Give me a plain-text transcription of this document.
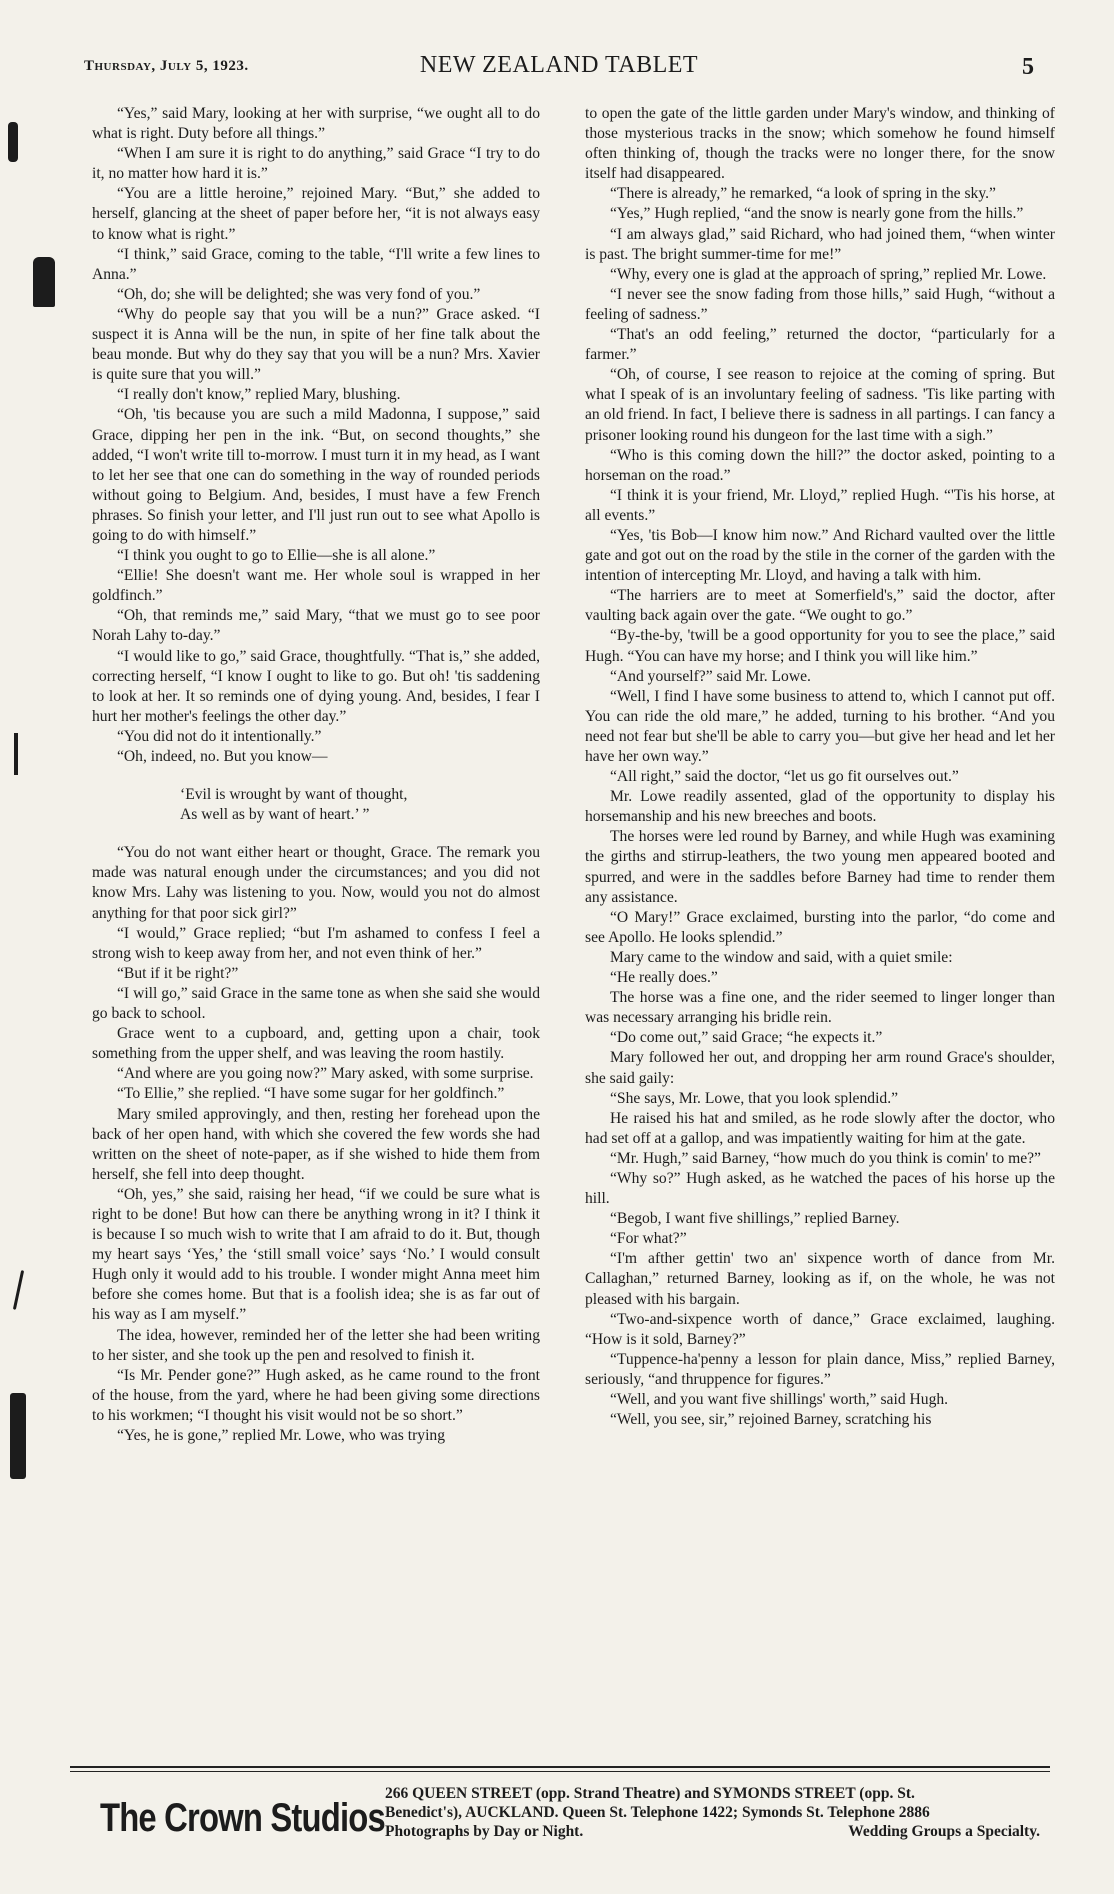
Thursday, July 5, 1923.	NEW ZEALAND TABLET	5

“Yes,” said Mary, looking at her with surprise, “we ought all to do what is right. Duty before all things.”

“When I am sure it is right to do anything,” said Grace “I try to do it, no matter how hard it is.”

“You are a little heroine,” rejoined Mary. “But,” she added to herself, glancing at the sheet of paper before her, “it is not always easy to know what is right.”

“I think,” said Grace, coming to the table, “I'll write a few lines to Anna.”

“Oh, do; she will be delighted; she was very fond of you.”

“Why do people say that you will be a nun?” Grace asked. “I suspect it is Anna will be the nun, in spite of her fine talk about the beau monde. But why do they say that you will be a nun? Mrs. Xavier is quite sure that you will.”

“I really don't know,” replied Mary, blushing.

“Oh, 'tis because you are such a mild Madonna, I suppose,” said Grace, dipping her pen in the ink. “But, on second thoughts,” she added, “I won't write till to-morrow. I must turn it in my head, as I want to let her see that one can do something in the way of rounded periods without going to Belgium. And, besides, I must have a few French phrases. So finish your letter, and I'll just run out to see what Apollo is going to do with himself.”

“I think you ought to go to Ellie—she is all alone.”

“Ellie! She doesn't want me. Her whole soul is wrapped in her goldfinch.”

“Oh, that reminds me,” said Mary, “that we must go to see poor Norah Lahy to-day.”

“I would like to go,” said Grace, thoughtfully. “That is,” she added, correcting herself, “I know I ought to like to go. But oh! 'tis saddening to look at her. It so reminds one of dying young. And, besides, I fear I hurt her mother's feelings the other day.”

“You did not do it intentionally.”

“Oh, indeed, no. But you know—

‘Evil is wrought by want of thought,
As well as by want of heart.’ ”

“You do not want either heart or thought, Grace. The remark you made was natural enough under the circumstances; and you did not know Mrs. Lahy was listening to you. Now, would you not do almost anything for that poor sick girl?”

“I would,” Grace replied; “but I'm ashamed to confess I feel a strong wish to keep away from her, and not even think of her.”

“But if it be right?”

“I will go,” said Grace in the same tone as when she said she would go back to school.

Grace went to a cupboard, and, getting upon a chair, took something from the upper shelf, and was leaving the room hastily.

“And where are you going now?” Mary asked, with some surprise.

“To Ellie,” she replied. “I have some sugar for her goldfinch.”

Mary smiled approvingly, and then, resting her forehead upon the back of her open hand, with which she covered the few words she had written on the sheet of note-paper, as if she wished to hide them from herself, she fell into deep thought.

“Oh, yes,” she said, raising her head, “if we could be sure what is right to be done! But how can there be anything wrong in it? I think it is because I so much wish to write that I am afraid to do it. But, though my heart says ‘Yes,’ the ‘still small voice’ says ‘No.’ I would consult Hugh only it would add to his trouble. I wonder might Anna meet him before she comes home. But that is a foolish idea; she is as far out of his way as I am myself.”

The idea, however, reminded her of the letter she had been writing to her sister, and she took up the pen and resolved to finish it.

“Is Mr. Pender gone?” Hugh asked, as he came round to the front of the house, from the yard, where he had been giving some directions to his workmen; “I thought his visit would not be so short.”

“Yes, he is gone,” replied Mr. Lowe, who was trying

to open the gate of the little garden under Mary's window, and thinking of those mysterious tracks in the snow; which somehow he found himself often thinking of, though the tracks were no longer there, for the snow itself had disappeared.

“There is already,” he remarked, “a look of spring in the sky.”

“Yes,” Hugh replied, “and the snow is nearly gone from the hills.”

“I am always glad,” said Richard, who had joined them, “when winter is past. The bright summer-time for me!”

“Why, every one is glad at the approach of spring,” replied Mr. Lowe.

“I never see the snow fading from those hills,” said Hugh, “without a feeling of sadness.”

“That's an odd feeling,” returned the doctor, “particularly for a farmer.”

“Oh, of course, I see reason to rejoice at the coming of spring. But what I speak of is an involuntary feeling of sadness. 'Tis like parting with an old friend. In fact, I believe there is sadness in all partings. I can fancy a prisoner looking round his dungeon for the last time with a sigh.”

“Who is this coming down the hill?” the doctor asked, pointing to a horseman on the road.”

“I think it is your friend, Mr. Lloyd,” replied Hugh. “'Tis his horse, at all events.”

“Yes, 'tis Bob—I know him now.” And Richard vaulted over the little gate and got out on the road by the stile in the corner of the garden with the intention of intercepting Mr. Lloyd, and having a talk with him.

“The harriers are to meet at Somerfield's,” said the doctor, after vaulting back again over the gate. “We ought to go.”

“By-the-by, 'twill be a good opportunity for you to see the place,” said Hugh. “You can have my horse; and I think you will like him.”

“And yourself?” said Mr. Lowe.

“Well, I find I have some business to attend to, which I cannot put off. You can ride the old mare,” he added, turning to his brother. “And you need not fear but she'll be able to carry you—but give her head and let her have her own way.”

“All right,” said the doctor, “let us go fit ourselves out.”

Mr. Lowe readily assented, glad of the opportunity to display his horsemanship and his new breeches and boots.

The horses were led round by Barney, and while Hugh was examining the girths and stirrup-leathers, the two young men appeared booted and spurred, and were in the saddles before Barney had time to render them any assistance.

“O Mary!” Grace exclaimed, bursting into the parlor, “do come and see Apollo. He looks splendid.”

Mary came to the window and said, with a quiet smile:

“He really does.”

The horse was a fine one, and the rider seemed to linger longer than was necessary arranging his bridle rein.

“Do come out,” said Grace; “he expects it.”

Mary followed her out, and dropping her arm round Grace's shoulder, she said gaily:

“She says, Mr. Lowe, that you look splendid.”

He raised his hat and smiled, as he rode slowly after the doctor, who had set off at a gallop, and was impatiently waiting for him at the gate.

“Mr. Hugh,” said Barney, “how much do you think is comin' to me?”

“Why so?” Hugh asked, as he watched the paces of his horse up the hill.

“Begob, I want five shillings,” replied Barney.

“For what?”

“I'm afther gettin' two an' sixpence worth of dance from Mr. Callaghan,” returned Barney, looking as if, on the whole, he was not pleased with his bargain.

“Two-and-sixpence worth of dance,” Grace exclaimed, laughing. “How is it sold, Barney?”

“Tuppence-ha'penny a lesson for plain dance, Miss,” replied Barney, seriously, “and thruppence for figures.”

“Well, and you want five shillings' worth,” said Hugh.

“Well, you see, sir,” rejoined Barney, scratching his

The Crown Studios
266 QUEEN STREET (opp. Strand Theatre) and SYMONDS STREET (opp. St.
Benedict's), AUCKLAND. Queen St. Telephone 1422; Symonds St. Telephone 2886
Photographs by Day or Night.	Wedding Groups a Specialty.
